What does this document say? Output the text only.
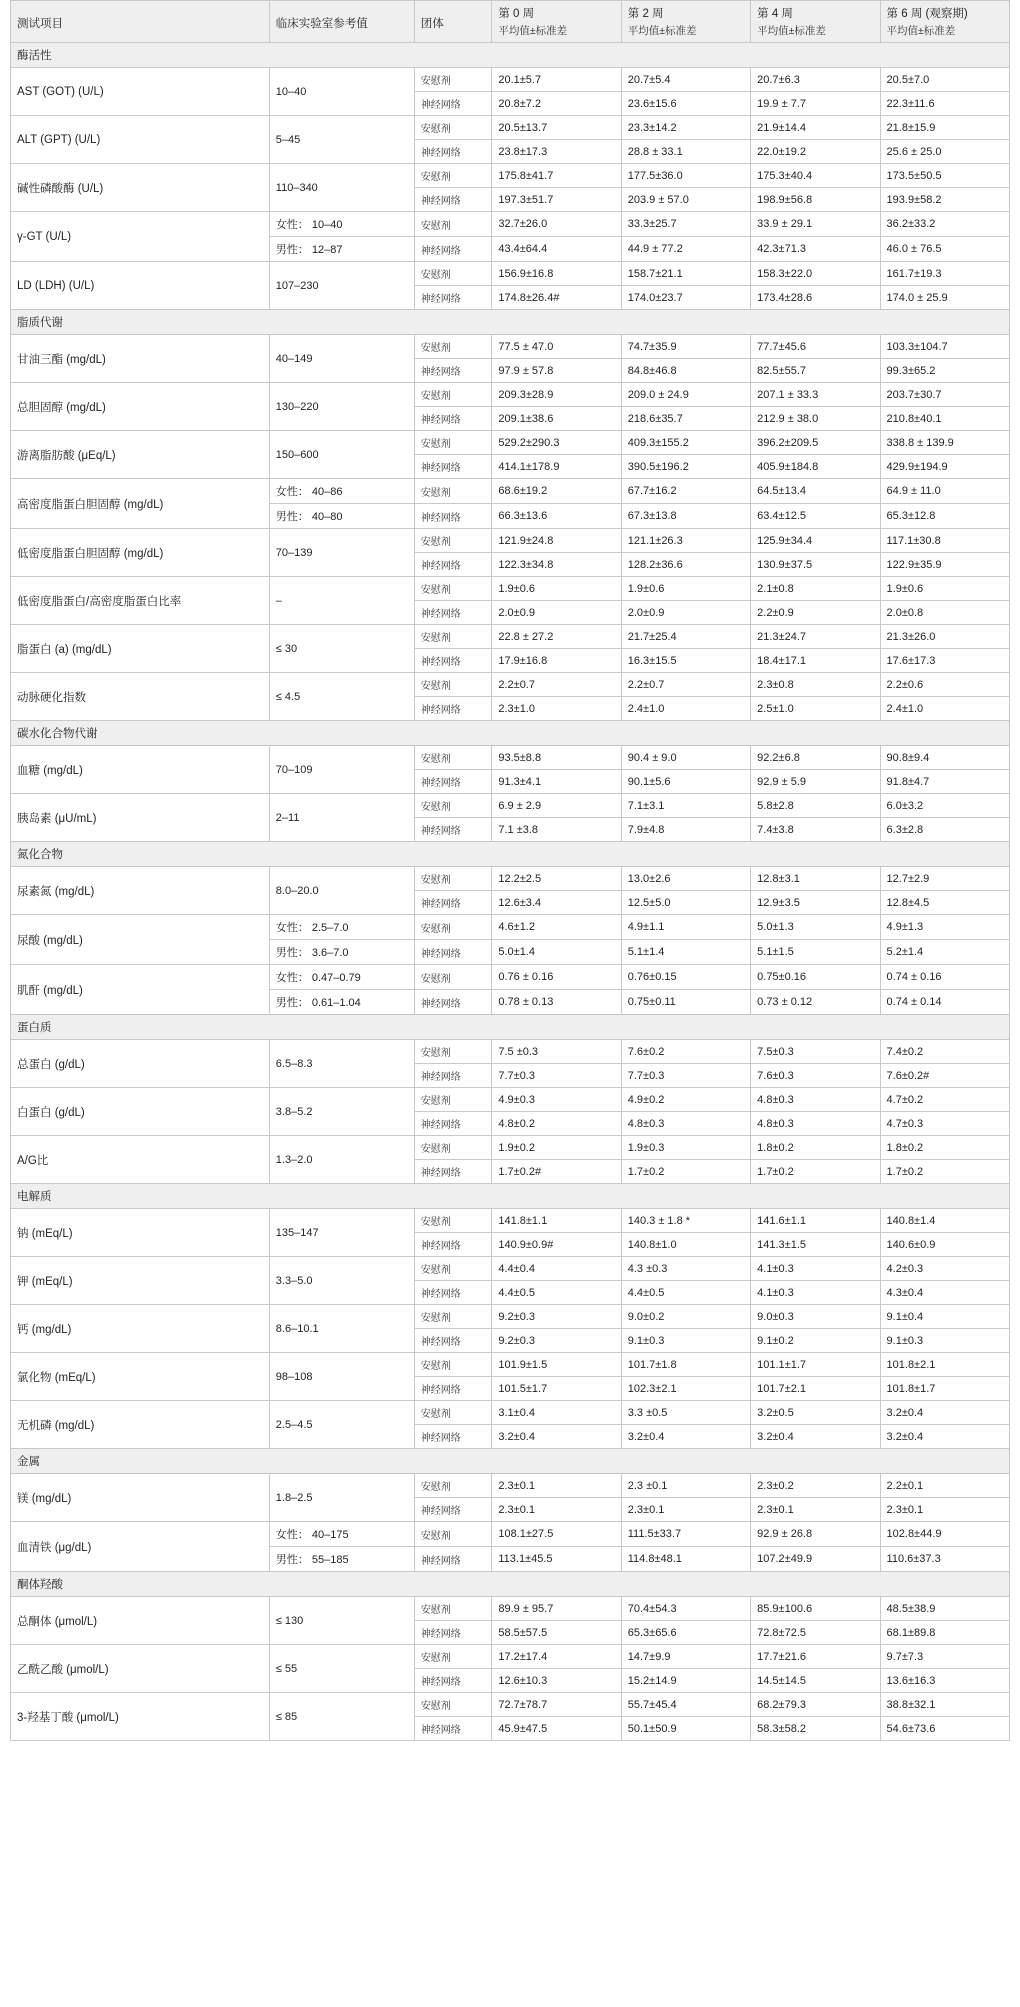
测试项目	临床实验室参考值	团体	第 0 周	第 2 周	第 4 周	第 6 周 (观察期)
			平均值±标准差	平均值±标准差	平均值±标准差	平均值±标准差
酶活性						
AST (GOT) (U/L)	10–40	安慰剂	20.1±5.7	20.7±5.4	20.7±6.3	20.5±7.0
		神经网络	20.8±7.2	23.6±15.6	19.9 ± 7.7	22.3±11.6
ALT (GPT) (U/L)	5–45	安慰剂	20.5±13.7	23.3±14.2	21.9±14.4	21.8±15.9
		神经网络	23.8±17.3	28.8 ± 33.1	22.0±19.2	25.6 ± 25.0
碱性磷酸酶 (U/L)	110–340	安慰剂	175.8±41.7	177.5±36.0	175.3±40.4	173.5±50.5
		神经网络	197.3±51.7	203.9 ± 57.0	198.9±56.8	193.9±58.2
γ-GT (U/L)	女性： 10–40	安慰剂	32.7±26.0	33.3±25.7	33.9 ± 29.1	36.2±33.2
	男性： 12–87	神经网络	43.4±64.4	44.9 ± 77.2	42.3±71.3	46.0 ± 76.5
LD (LDH) (U/L)	107–230	安慰剂	156.9±16.8	158.7±21.1	158.3±22.0	161.7±19.3
		神经网络	174.8±26.4#	174.0±23.7	173.4±28.6	174.0 ± 25.9
脂质代谢						
甘油三酯 (mg/dL)	40–149	安慰剂	77.5 ± 47.0	74.7±35.9	77.7±45.6	103.3±104.7
		神经网络	97.9 ± 57.8	84.8±46.8	82.5±55.7	99.3±65.2
总胆固醇 (mg/dL)	130–220	安慰剂	209.3±28.9	209.0 ± 24.9	207.1 ± 33.3	203.7±30.7
		神经网络	209.1±38.6	218.6±35.7	212.9 ± 38.0	210.8±40.1
游离脂肪酸 (μEq/L)	150–600	安慰剂	529.2±290.3	409.3±155.2	396.2±209.5	338.8 ± 139.9
		神经网络	414.1±178.9	390.5±196.2	405.9±184.8	429.9±194.9
高密度脂蛋白胆固醇 (mg/dL)	女性： 40–86	安慰剂	68.6±19.2	67.7±16.2	64.5±13.4	64.9 ± 11.0
	男性： 40–80	神经网络	66.3±13.6	67.3±13.8	63.4±12.5	65.3±12.8
低密度脂蛋白胆固醇 (mg/dL)	70–139	安慰剂	121.9±24.8	121.1±26.3	125.9±34.4	117.1±30.8
		神经网络	122.3±34.8	128.2±36.6	130.9±37.5	122.9±35.9
低密度脂蛋白/高密度脂蛋白比率	–	安慰剂	1.9±0.6	1.9±0.6	2.1±0.8	1.9±0.6
		神经网络	2.0±0.9	2.0±0.9	2.2±0.9	2.0±0.8
脂蛋白 (a) (mg/dL)	≤ 30	安慰剂	22.8 ± 27.2	21.7±25.4	21.3±24.7	21.3±26.0
		神经网络	17.9±16.8	16.3±15.5	18.4±17.1	17.6±17.3
动脉硬化指数	≤ 4.5	安慰剂	2.2±0.7	2.2±0.7	2.3±0.8	2.2±0.6
		神经网络	2.3±1.0	2.4±1.0	2.5±1.0	2.4±1.0
碳水化合物代谢						
血糖 (mg/dL)	70–109	安慰剂	93.5±8.8	90.4 ± 9.0	92.2±6.8	90.8±9.4
		神经网络	91.3±4.1	90.1±5.6	92.9 ± 5.9	91.8±4.7
胰岛素 (μU/mL)	2–11	安慰剂	6.9 ± 2.9	7.1±3.1	5.8±2.8	6.0±3.2
		神经网络	7.1 ±3.8	7.9±4.8	7.4±3.8	6.3±2.8
氮化合物						
尿素氮 (mg/dL)	8.0–20.0	安慰剂	12.2±2.5	13.0±2.6	12.8±3.1	12.7±2.9
		神经网络	12.6±3.4	12.5±5.0	12.9±3.5	12.8±4.5
尿酸 (mg/dL)	女性： 2.5–7.0	安慰剂	4.6±1.2	4.9±1.1	5.0±1.3	4.9±1.3
	男性： 3.6–7.0	神经网络	5.0±1.4	5.1±1.4	5.1±1.5	5.2±1.4
肌酐 (mg/dL)	女性： 0.47–0.79	安慰剂	0.76 ± 0.16	0.76±0.15	0.75±0.16	0.74 ± 0.16
	男性： 0.61–1.04	神经网络	0.78 ± 0.13	0.75±0.11	0.73 ± 0.12	0.74 ± 0.14
蛋白质						
总蛋白 (g/dL)	6.5–8.3	安慰剂	7.5 ±0.3	7.6±0.2	7.5±0.3	7.4±0.2
		神经网络	7.7±0.3	7.7±0.3	7.6±0.3	7.6±0.2#
白蛋白 (g/dL)	3.8–5.2	安慰剂	4.9±0.3	4.9±0.2	4.8±0.3	4.7±0.2
		神经网络	4.8±0.2	4.8±0.3	4.8±0.3	4.7±0.3
A/G比	1.3–2.0	安慰剂	1.9±0.2	1.9±0.3	1.8±0.2	1.8±0.2
		神经网络	1.7±0.2#	1.7±0.2	1.7±0.2	1.7±0.2
电解质						
钠 (mEq/L)	135–147	安慰剂	141.8±1.1	140.3 ± 1.8 *	141.6±1.1	140.8±1.4
		神经网络	140.9±0.9#	140.8±1.0	141.3±1.5	140.6±0.9
钾 (mEq/L)	3.3–5.0	安慰剂	4.4±0.4	4.3 ±0.3	4.1±0.3	4.2±0.3
		神经网络	4.4±0.5	4.4±0.5	4.1±0.3	4.3±0.4
钙 (mg/dL)	8.6–10.1	安慰剂	9.2±0.3	9.0±0.2	9.0±0.3	9.1±0.4
		神经网络	9.2±0.3	9.1±0.3	9.1±0.2	9.1±0.3
氯化物 (mEq/L)	98–108	安慰剂	101.9±1.5	101.7±1.8	101.1±1.7	101.8±2.1
		神经网络	101.5±1.7	102.3±2.1	101.7±2.1	101.8±1.7
无机磷 (mg/dL)	2.5–4.5	安慰剂	3.1±0.4	3.3 ±0.5	3.2±0.5	3.2±0.4
		神经网络	3.2±0.4	3.2±0.4	3.2±0.4	3.2±0.4
金属						
镁 (mg/dL)	1.8–2.5	安慰剂	2.3±0.1	2.3 ±0.1	2.3±0.2	2.2±0.1
		神经网络	2.3±0.1	2.3±0.1	2.3±0.1	2.3±0.1
血清铁 (μg/dL)	女性： 40–175	安慰剂	108.1±27.5	111.5±33.7	92.9 ± 26.8	102.8±44.9
	男性： 55–185	神经网络	113.1±45.5	114.8±48.1	107.2±49.9	110.6±37.3
酮体羟酸						
总酮体 (μmol/L)	≤ 130	安慰剂	89.9 ± 95.7	70.4±54.3	85.9±100.6	48.5±38.9
		神经网络	58.5±57.5	65.3±65.6	72.8±72.5	68.1±89.8
乙酰乙酸 (μmol/L)	≤ 55	安慰剂	17.2±17.4	14.7±9.9	17.7±21.6	9.7±7.3
		神经网络	12.6±10.3	15.2±14.9	14.5±14.5	13.6±16.3
3-羟基丁酸 (μmol/L)	≤ 85	安慰剂	72.7±78.7	55.7±45.4	68.2±79.3	38.8±32.1
		神经网络	45.9±47.5	50.1±50.9	58.3±58.2	54.6±73.6
